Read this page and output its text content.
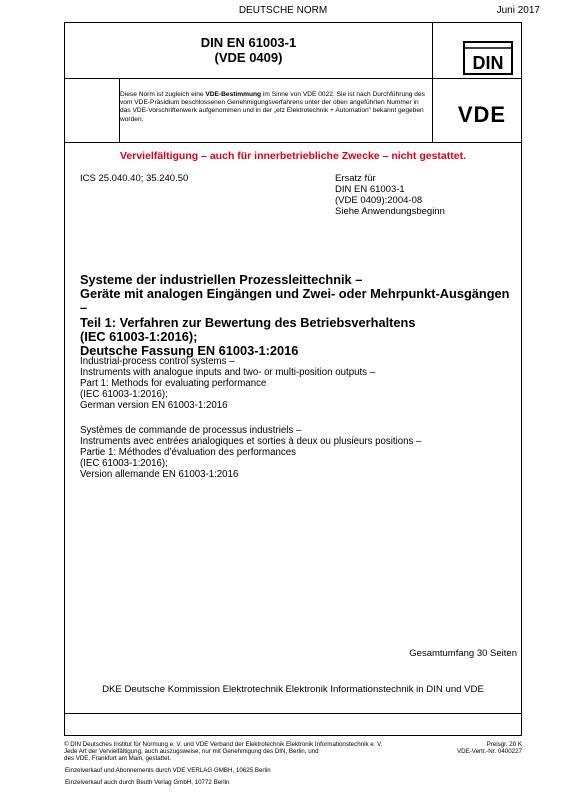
DEUTSCHE NORM	Juni 2017
DIN EN 61003-1
(VDE 0409)	DIN
VDE
Diese Norm ist zugleich eine VDE-Bestimmung im Sinne von VDE 0022. Sie ist nach Durchführung des vom VDE-Präsidium beschlossenen Genehmigungsverfahrens unter der oben angeführten Nummer in das VDE-Vorschriftenwerk aufgenommen und in der „etz Elektrotechnik + Automation“ bekannt gegeben worden.
Vervielfältigung – auch für innerbetriebliche Zwecke – nicht gestattet.
ICS 25.040.40; 35.240.50	Ersatz für
DIN EN 61003-1
(VDE 0409):2004-08
Siehe Anwendungsbeginn
Systeme der industriellen Prozessleittechnik –
Geräte mit analogen Eingängen und Zwei- oder Mehrpunkt-Ausgängen –
Teil 1: Verfahren zur Bewertung des Betriebsverhaltens
(IEC 61003-1:2016);
Deutsche Fassung EN 61003-1:2016
Industrial-process control systems –
Instruments with analogue inputs and two- or multi-position outputs –
Part 1: Methods for evaluating performance
(IEC 61003-1:2016);
German version EN 61003-1:2016
Systèmes de commande de processus industriels –
Instruments avec entrées analogiques et sorties à deux ou plusieurs positions –
Partie 1: Méthodes d’évaluation des performances
(IEC 61003-1:2016);
Version allemande EN 61003-1:2016
Gesamtumfang 30 Seiten
DKE Deutsche Kommission Elektrotechnik Elektronik Informationstechnik in DIN und VDE
© DIN Deutsches Institut für Normung e. V. und VDE Verband der Elektrotechnik Elektronik Informationstechnik e. V.
Jede Art der Vervielfältigung, auch auszugsweise, nur mit Genehmigung des DIN, Berlin, und
des VDE, Frankfurt am Main, gestattet.
Preisgr. 20 K
VDE-Vertr.-Nr. 0400227
Einzelverkauf und Abonnements durch VDE VERLAG GMBH, 10625 Berlin
Einzelverkauf auch durch Beuth Verlag GmbH, 10772 Berlin
